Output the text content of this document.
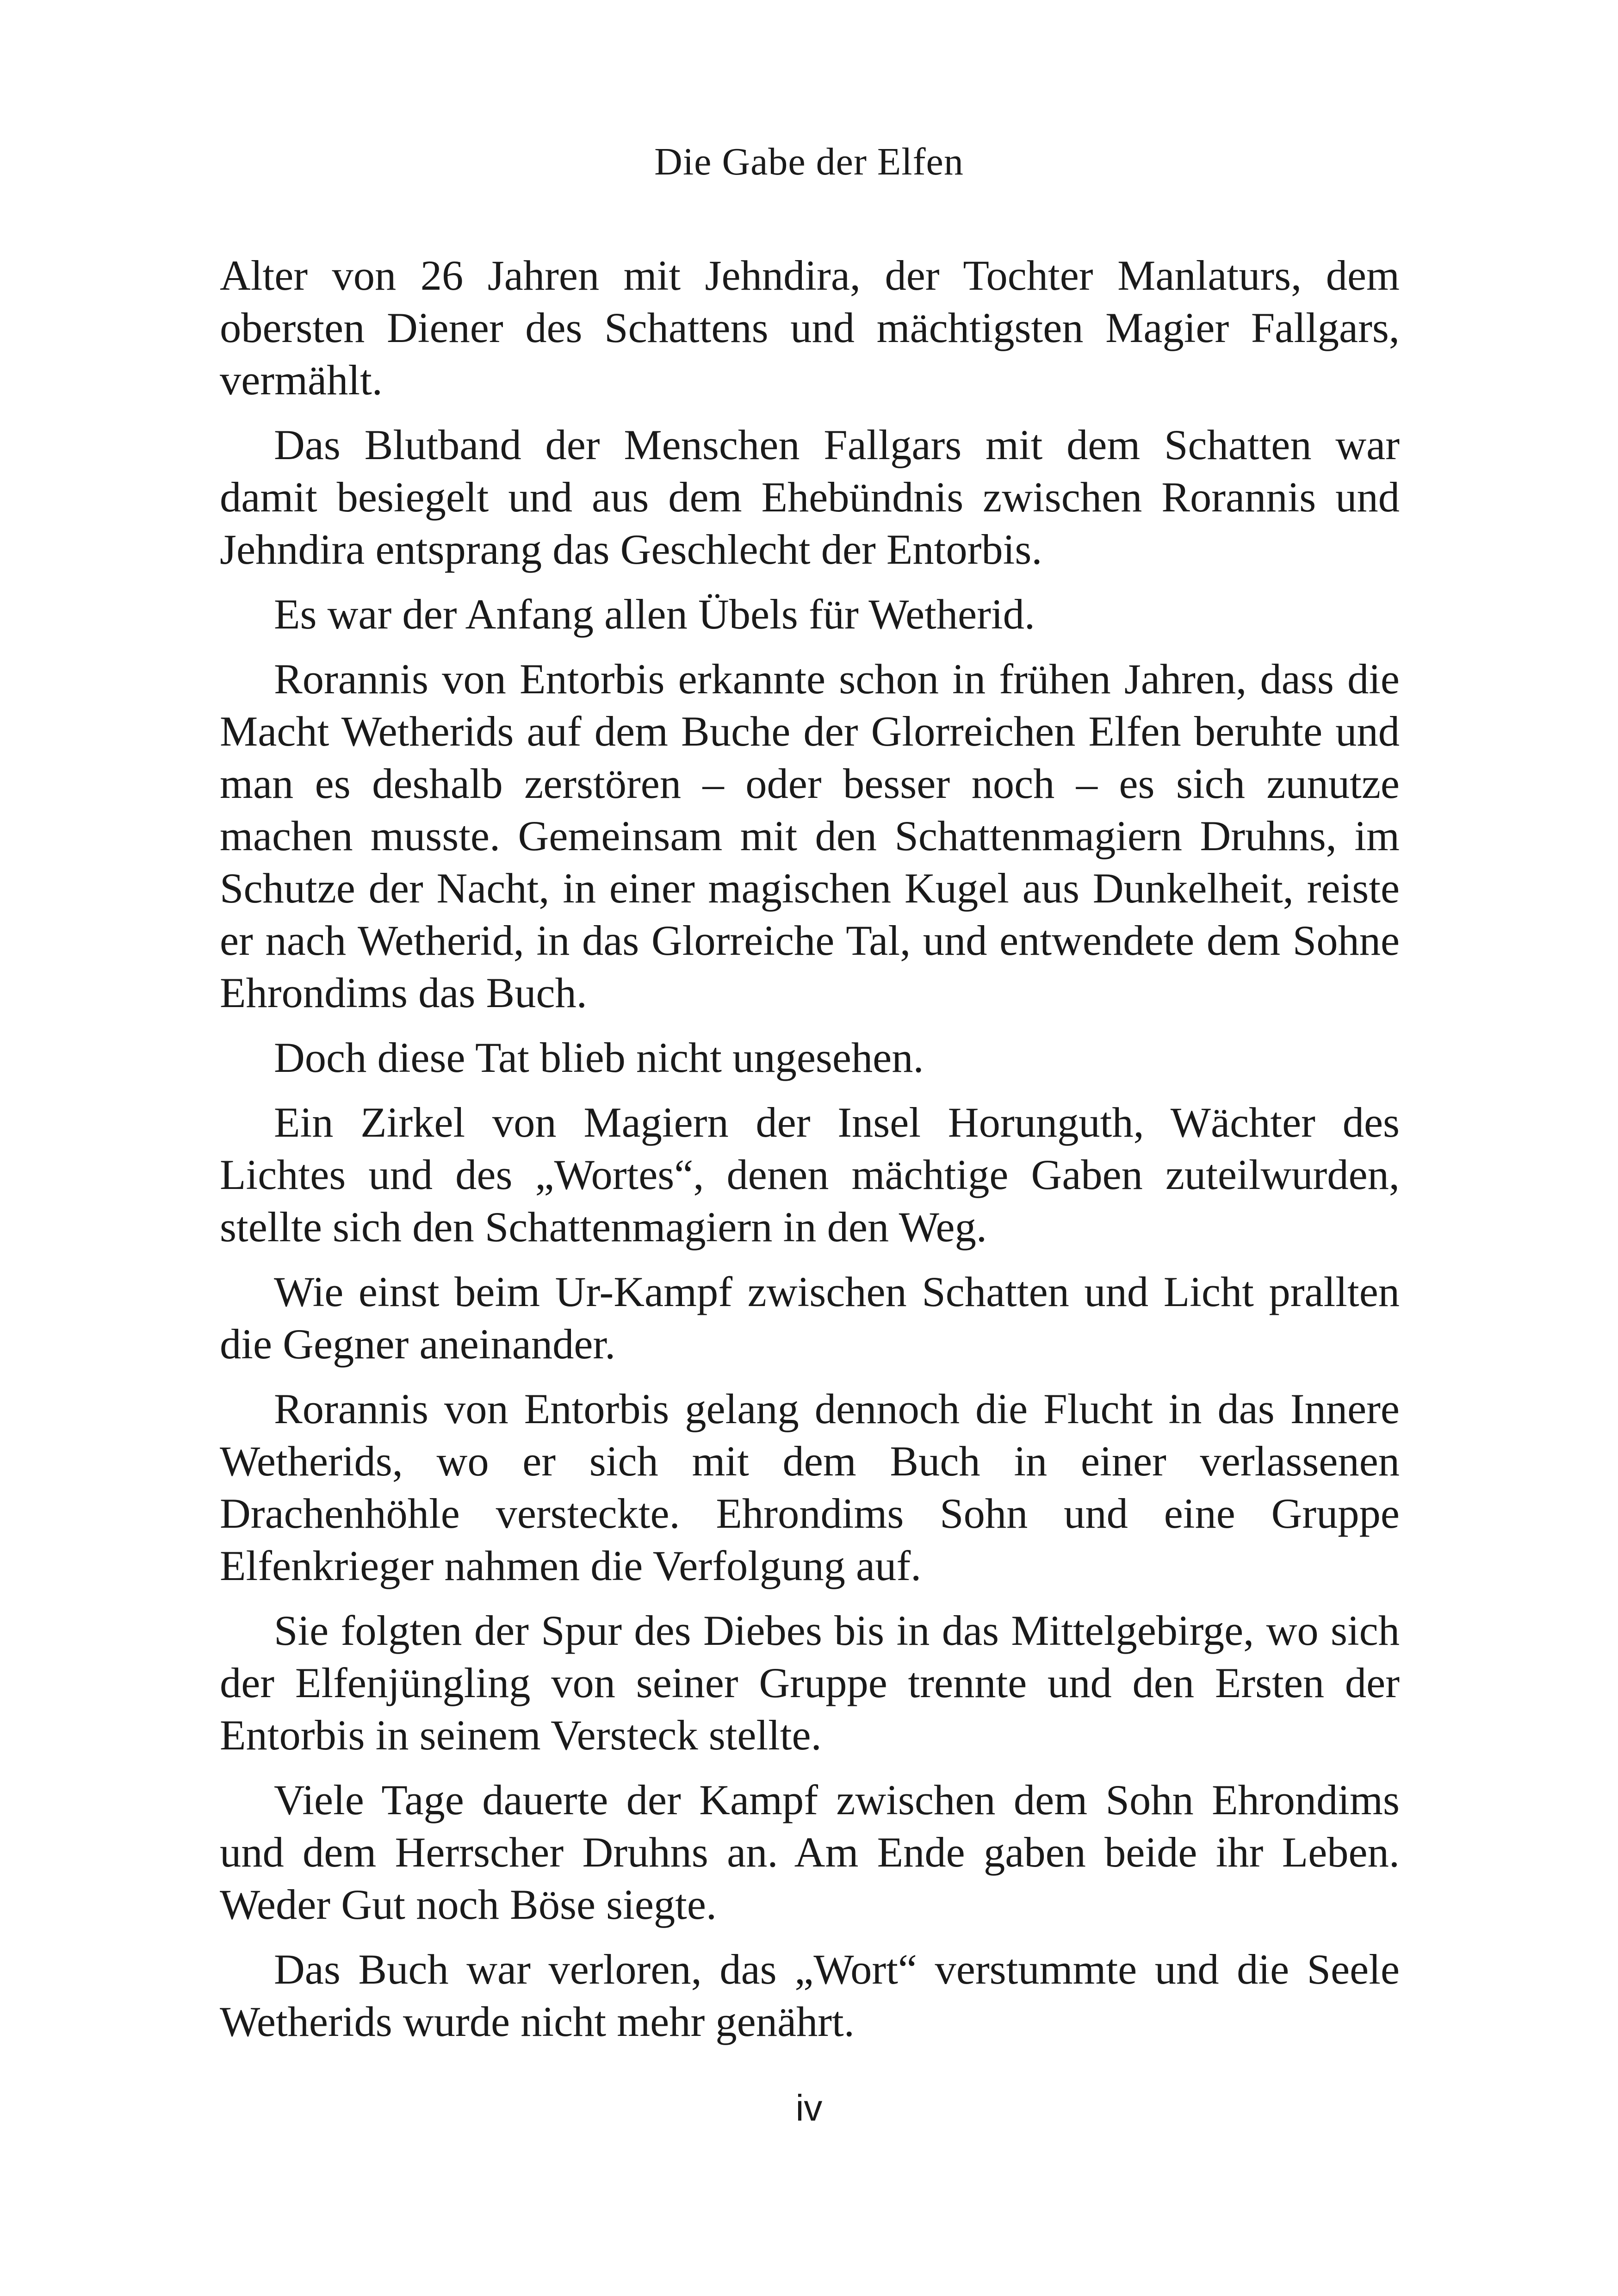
Die Gabe der Elfen

Alter von 26 Jahren mit Jehndira, der Tochter Manlaturs, dem obersten Diener des Schattens und mächtigsten Magier Fallgars, vermählt.

Das Blutband der Menschen Fallgars mit dem Schatten war damit besiegelt und aus dem Ehebündnis zwischen Rorannis und Jehndira entsprang das Geschlecht der Entorbis.

Es war der Anfang allen Übels für Wetherid.

Rorannis von Entorbis erkannte schon in frühen Jahren, dass die Macht Wetherids auf dem Buche der Glorreichen Elfen beruhte und man es deshalb zerstören – oder besser noch – es sich zunutze machen musste. Gemeinsam mit den Schattenmagiern Druhns, im Schutze der Nacht, in einer magischen Kugel aus Dunkelheit, reiste er nach Wetherid, in das Glorreiche Tal, und entwendete dem Sohne Ehrondims das Buch.

Doch diese Tat blieb nicht ungesehen.

Ein Zirkel von Magiern der Insel Horunguth, Wächter des Lichtes und des „Wortes“, denen mächtige Gaben zuteilwurden, stellte sich den Schattenmagiern in den Weg.

Wie einst beim Ur-Kampf zwischen Schatten und Licht prallten die Gegner aneinander.

Rorannis von Entorbis gelang dennoch die Flucht in das Innere Wetherids, wo er sich mit dem Buch in einer verlassenen Drachenhöhle versteckte. Ehrondims Sohn und eine Gruppe Elfenkrieger nahmen die Verfolgung auf.

Sie folgten der Spur des Diebes bis in das Mittelgebirge, wo sich der Elfenjüngling von seiner Gruppe trennte und den Ersten der Entorbis in seinem Versteck stellte.

Viele Tage dauerte der Kampf zwischen dem Sohn Ehrondims und dem Herrscher Druhns an. Am Ende gaben beide ihr Leben. Weder Gut noch Böse siegte.

Das Buch war verloren, das „Wort“ verstummte und die Seele Wetherids wurde nicht mehr genährt.

iv
